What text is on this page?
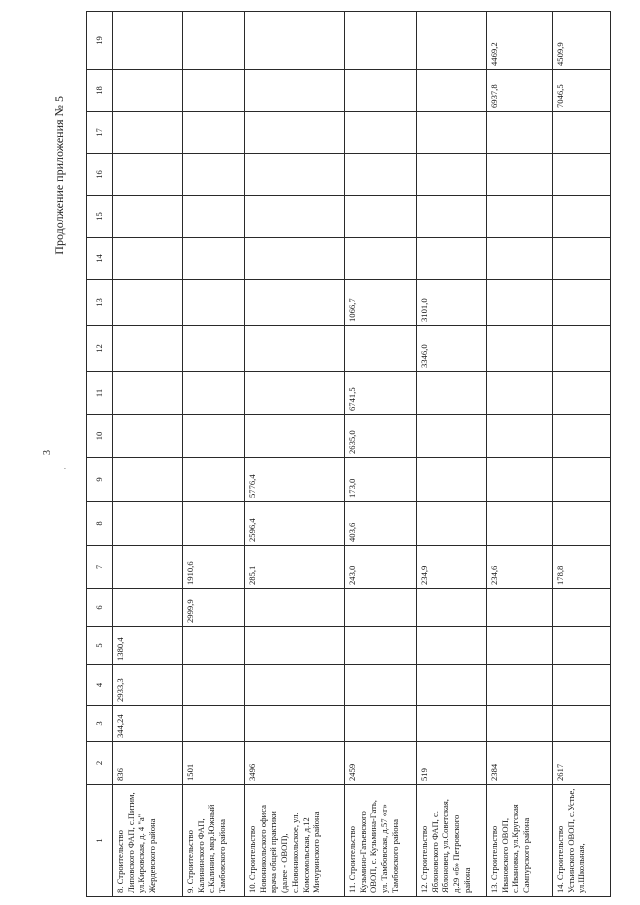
3
Продолжение приложения № 5
·
1	2	3	4	5	6	7	8	9	10	11	12	13	14	15	16	17	18	19

8. Строительство Липовского ФАП, с.Питим, ул.Кировская, д. 4 "а" Жердевского района	836	344,24	2933,3	1380,4														

9. Строительство Калининского ФАП, с.Калинин, мкр.Южный Тамбовского района	1501				2999,9	1910,6												

10. Строительство Новоникольского офиса врача общей практики (далее - ОВОП), с.Новоникольское, ул. Комсомольская, д.12 Мичуринского района	3496					285,1	2596,4	5776,4										

11. Строительство Кузьмино-Гатьевского ОВОП, с. Кузьмина-Гать, ул. Тамбовская, д.57 «г» Тамбовского района	2459					243,0	403,6	173,0	2635,0	6741,5		1066,7						

12. Строительство Яблоновского ФАП, с. Яблоновец, ул.Советская, д.29 «б» Петровского района	519					234,9					3346,0	3101,0						

13. Строительство Ивановского ОВОП, с.Ивановка, ул.Кругская Сампурского района	2384					234,6											6937,8	4469,2

14. Строительство Устьинского ОВОП, с.Устье, ул.Школьная,	2617					178,8											7046,5	4509,9
